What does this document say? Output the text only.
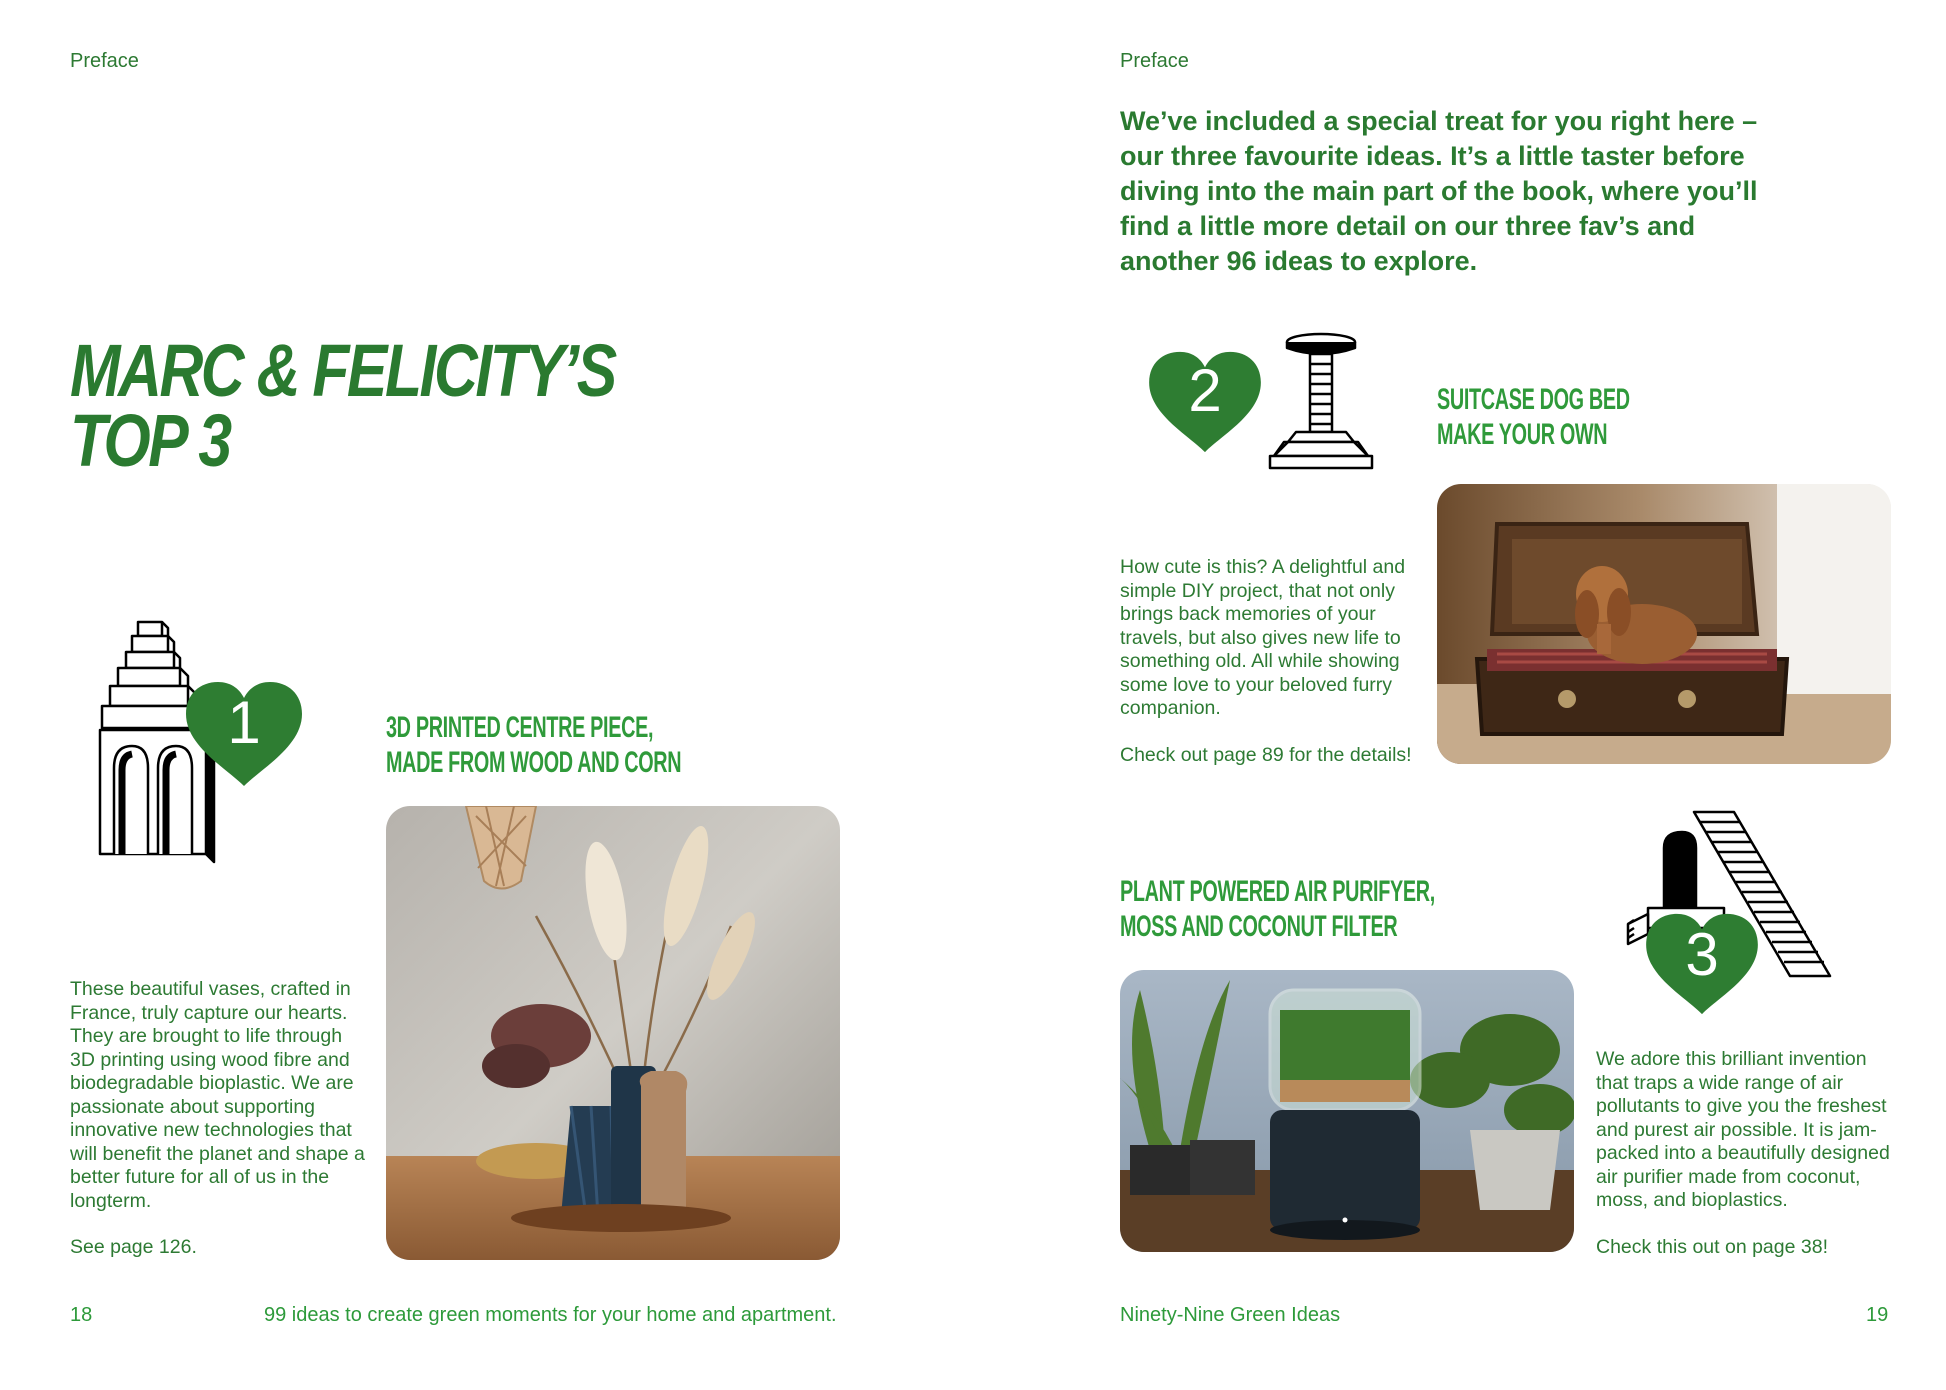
Preface
MARC & FELICITY’S
TOP 3
1	3D PRINTED CENTRE PIECE,
MADE FROM WOOD AND CORN

These beautiful vases, crafted in France, truly capture our hearts. They are brought to life through 3D printing using wood fibre and biodegradable bioplastic. We are passionate about supporting innovative new technologies that will benefit the planet and shape a better future for all of us in the longterm.

See page 126.

18	99 ideas to create green moments for your home and apartment.
Preface
We’ve included a special treat for you right here – our three favourite ideas. It’s a little taster before diving into the main part of the book, where you’ll find a little more detail on our three fav’s and another 96 ideas to explore.
2	SUITCASE DOG BED
MAKE YOUR OWN

How cute is this? A delightful and simple DIY project, that not only brings back memories of your travels, but also gives new life to something old. All while showing some love to your beloved furry companion.

Check out page 89 for the details!

PLANT POWERED AIR PURIFYER,
MOSS AND COCONUT FILTER	3

We adore this brilliant invention that traps a wide range of air pollutants to give you the freshest and purest air possible. It is jam-packed into a beautifully designed air purifier made from coconut, moss, and bioplastics.

Check this out on page 38!

Ninety-Nine Green Ideas	19
